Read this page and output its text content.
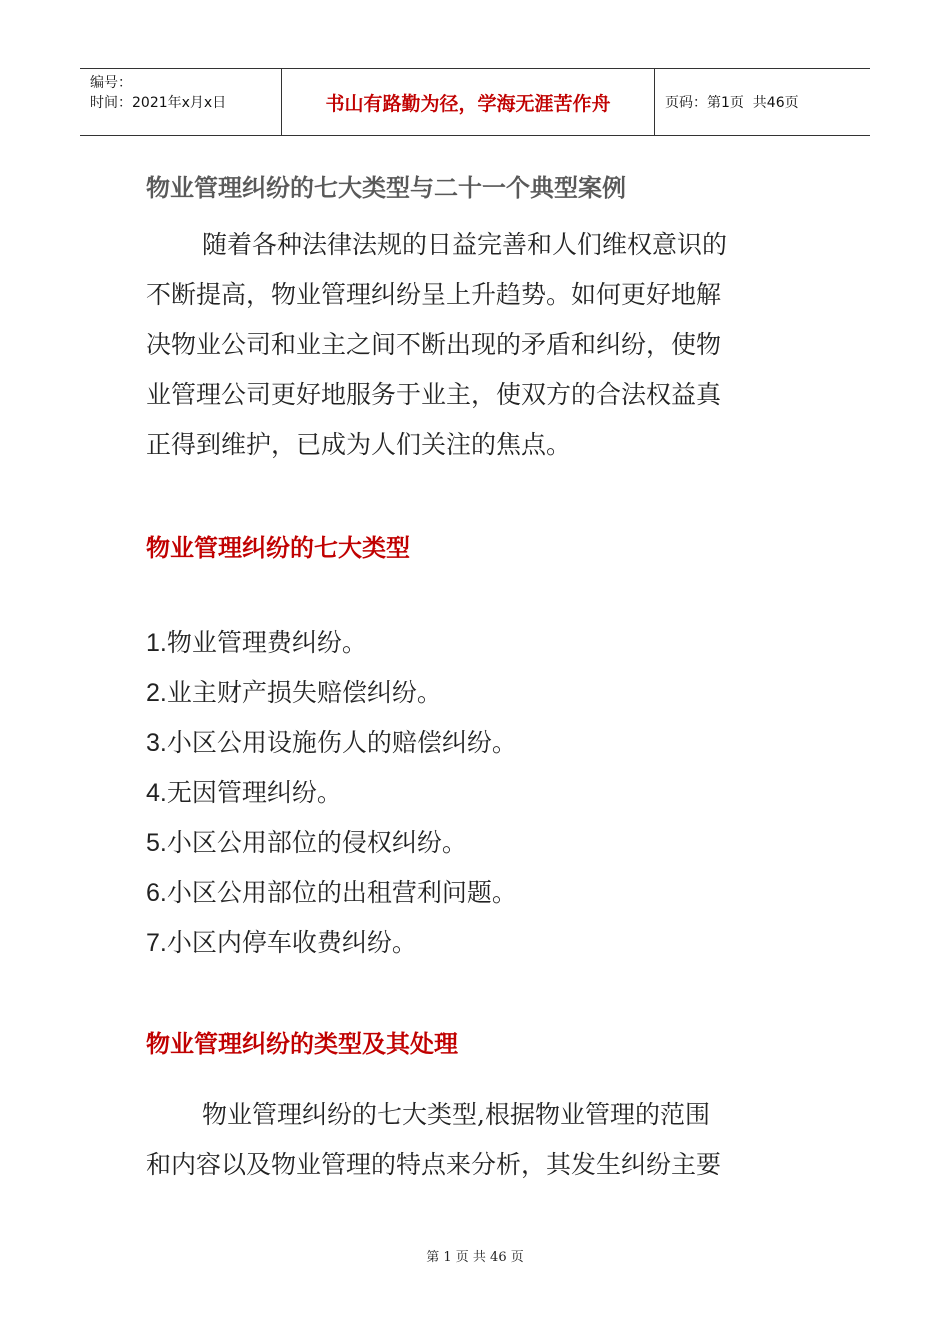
编号：
时间：2021年x月x日	书山有路勤为径，学海无涯苦作舟	页码：第1页  共46页
物业管理纠纷的七大类型与二十一个典型案例
随着各种法律法规的日益完善和人们维权意识的
不断提高，物业管理纠纷呈上升趋势。如何更好地解
决物业公司和业主之间不断出现的矛盾和纠纷，使物
业管理公司更好地服务于业主，使双方的合法权益真
正得到维护，已成为人们关注的焦点。
物业管理纠纷的七大类型
1.物业管理费纠纷。
2.业主财产损失赔偿纠纷。
3.小区公用设施伤人的赔偿纠纷。
4.无因管理纠纷。
5.小区公用部位的侵权纠纷。
6.小区公用部位的出租营利问题。
7.小区内停车收费纠纷。
物业管理纠纷的类型及其处理
物业管理纠纷的七大类型,根据物业管理的范围
和内容以及物业管理的特点来分析，其发生纠纷主要
第 1 页 共 46 页
